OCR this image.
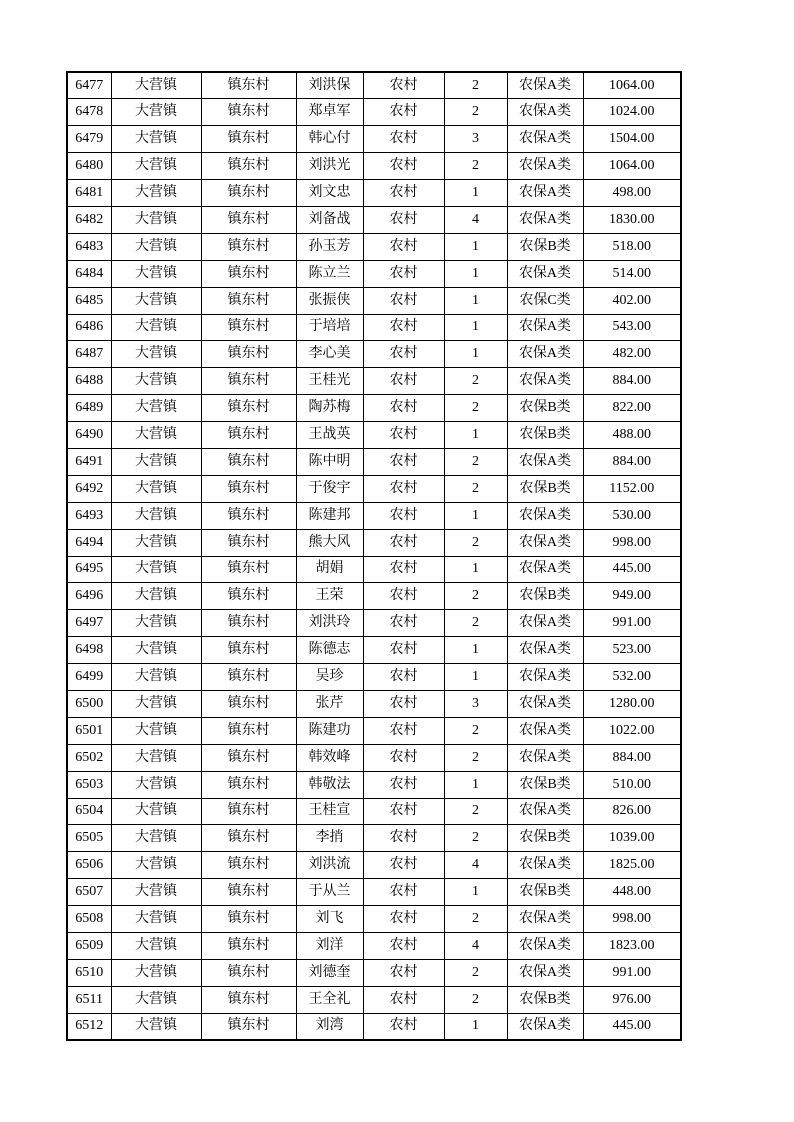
6477	大营镇	镇东村	刘洪保	农村	2	农保A类	1064.00
6478	大营镇	镇东村	郑卓军	农村	2	农保A类	1024.00
6479	大营镇	镇东村	韩心付	农村	3	农保A类	1504.00
6480	大营镇	镇东村	刘洪光	农村	2	农保A类	1064.00
6481	大营镇	镇东村	刘文忠	农村	1	农保A类	498.00
6482	大营镇	镇东村	刘备战	农村	4	农保A类	1830.00
6483	大营镇	镇东村	孙玉芳	农村	1	农保B类	518.00
6484	大营镇	镇东村	陈立兰	农村	1	农保A类	514.00
6485	大营镇	镇东村	张振侠	农村	1	农保C类	402.00
6486	大营镇	镇东村	于培培	农村	1	农保A类	543.00
6487	大营镇	镇东村	李心美	农村	1	农保A类	482.00
6488	大营镇	镇东村	王桂光	农村	2	农保A类	884.00
6489	大营镇	镇东村	陶苏梅	农村	2	农保B类	822.00
6490	大营镇	镇东村	王战英	农村	1	农保B类	488.00
6491	大营镇	镇东村	陈中明	农村	2	农保A类	884.00
6492	大营镇	镇东村	于俊宇	农村	2	农保B类	1152.00
6493	大营镇	镇东村	陈建邦	农村	1	农保A类	530.00
6494	大营镇	镇东村	熊大风	农村	2	农保A类	998.00
6495	大营镇	镇东村	胡娟	农村	1	农保A类	445.00
6496	大营镇	镇东村	王荣	农村	2	农保B类	949.00
6497	大营镇	镇东村	刘洪玲	农村	2	农保A类	991.00
6498	大营镇	镇东村	陈德志	农村	1	农保A类	523.00
6499	大营镇	镇东村	吴珍	农村	1	农保A类	532.00
6500	大营镇	镇东村	张芹	农村	3	农保A类	1280.00
6501	大营镇	镇东村	陈建功	农村	2	农保A类	1022.00
6502	大营镇	镇东村	韩效峰	农村	2	农保A类	884.00
6503	大营镇	镇东村	韩敬法	农村	1	农保B类	510.00
6504	大营镇	镇东村	王桂宣	农村	2	农保A类	826.00
6505	大营镇	镇东村	李捎	农村	2	农保B类	1039.00
6506	大营镇	镇东村	刘洪流	农村	4	农保A类	1825.00
6507	大营镇	镇东村	于从兰	农村	1	农保B类	448.00
6508	大营镇	镇东村	刘飞	农村	2	农保A类	998.00
6509	大营镇	镇东村	刘洋	农村	4	农保A类	1823.00
6510	大营镇	镇东村	刘德奎	农村	2	农保A类	991.00
6511	大营镇	镇东村	王全礼	农村	2	农保B类	976.00
6512	大营镇	镇东村	刘湾	农村	1	农保A类	445.00
